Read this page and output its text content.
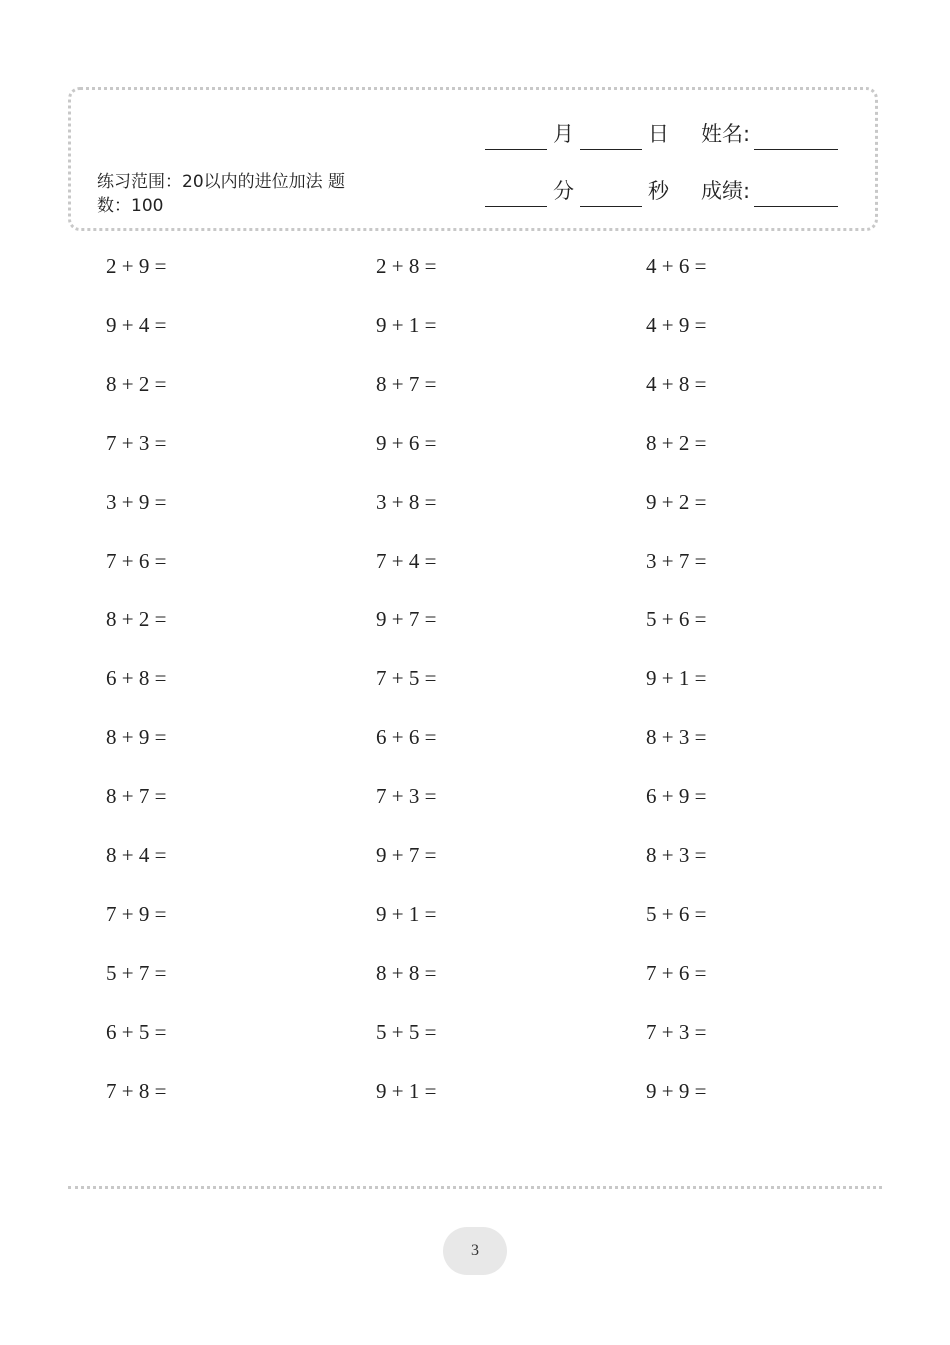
练习范围：20以内的进位加法 题数：100
月	日 姓名:
分	秒 成绩:
2 + 9 =	2 + 8 =	4 + 6 =
9 + 4 =	9 + 1 =	4 + 9 =
8 + 2 =	8 + 7 =	4 + 8 =
7 + 3 =	9 + 6 =	8 + 2 =
3 + 9 =	3 + 8 =	9 + 2 =
7 + 6 =	7 + 4 =	3 + 7 =
8 + 2 =	9 + 7 =	5 + 6 =
6 + 8 =	7 + 5 =	9 + 1 =
8 + 9 =	6 + 6 =	8 + 3 =
8 + 7 =	7 + 3 =	6 + 9 =
8 + 4 =	9 + 7 =	8 + 3 =
7 + 9 =	9 + 1 =	5 + 6 =
5 + 7 =	8 + 8 =	7 + 6 =
6 + 5 =	5 + 5 =	7 + 3 =
7 + 8 =	9 + 1 =	9 + 9 =
3
